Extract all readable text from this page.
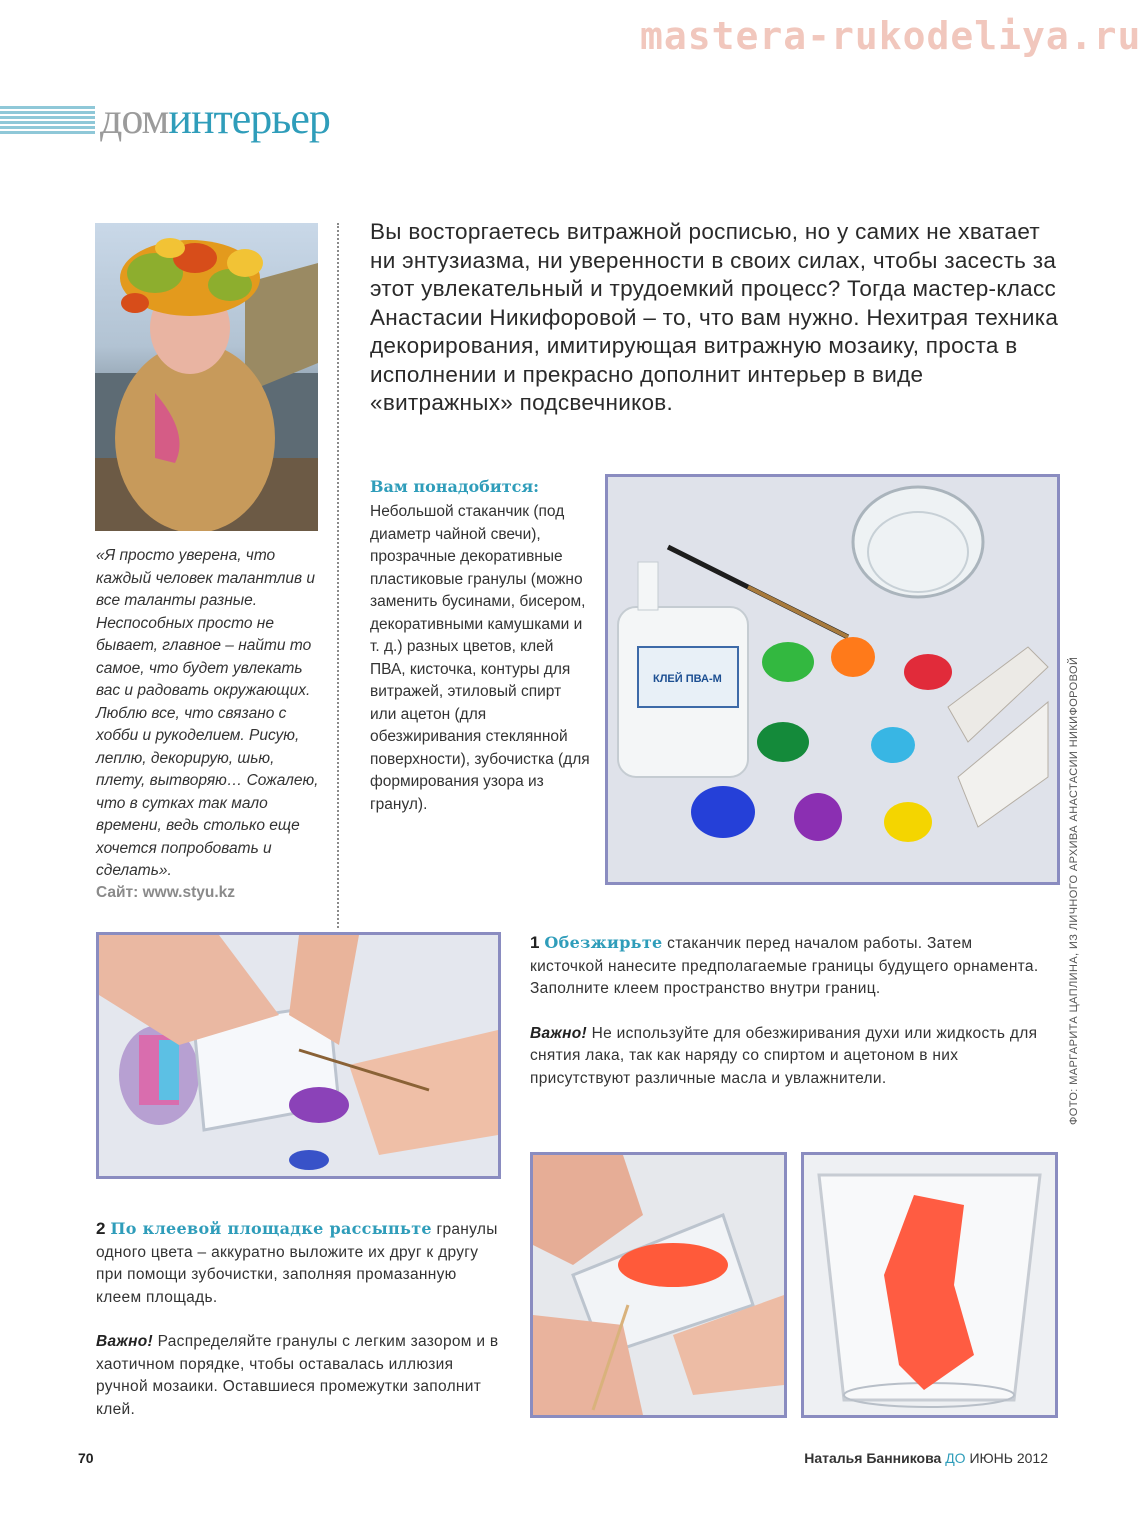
mastera-rukodeliya.ru
доминтерьер
Вы восторгаетесь витражной росписью, но у самих не хватает ни энтузиазма, ни уверенности в своих силах, чтобы засесть за этот увлекательный и трудоемкий процесс? Тогда мастер-класс Анастасии Никифоровой – то, что вам нужно. Нехитрая техника декорирования, имитирующая витражную мозаику, проста в исполнении и прекрасно дополнит интерьер в виде «витражных» подсвечников.
«Я просто уверена, что каждый человек талантлив и все таланты разные. Неспособных просто не бывает, главное – найти то самое, что будет увлекать вас и радовать окружающих. Люблю все, что связано с хобби и рукоделием. Рисую, леплю, декорирую, шью, плету, вытворяю… Сожалею, что в сутках так мало времени, ведь столько еще хочется попробовать и сделать».
Сайт: www.styu.kz
Вам понадобится:
Небольшой стаканчик (под диаметр чайной свечи), прозрачные декоративные пластиковые гранулы (можно заменить бусинами, бисером, декоративными камушками и т. д.) разных цветов, клей ПВА, кисточка, контуры для витражей, этиловый спирт или ацетон (для обезжиривания стеклянной поверхности), зубочистка (для формирования узора из гранул).
КЛЕЙ ПВА-М	ФОТО: МАРГАРИТА ЦАПЛИНА, ИЗ ЛИЧНОГО АРХИВА АНАСТАСИИ НИКИФОРОВОЙ

1 Обезжирьте стаканчик перед началом работы. Затем кисточкой нанесите предполагаемые границы будущего орнамента. Заполните клеем пространство внутри границ.

Важно! Не используйте для обезжиривания духи или жидкость для снятия лака, так как наряду со спиртом и ацетоном в них присутствуют различные масла и увлажнители.

2 По клеевой площадке рассыпьте гранулы одного цвета – аккуратно выложите их друг к другу при помощи зубочистки, заполняя промазанную клеем площадь.

Важно! Распределяйте гранулы с легким зазором и в хаотичном порядке, чтобы оставалась иллюзия ручной мозаики. Оставшиеся промежутки заполнит клей.

70	Наталья Банникова ДО ИЮНЬ 2012
